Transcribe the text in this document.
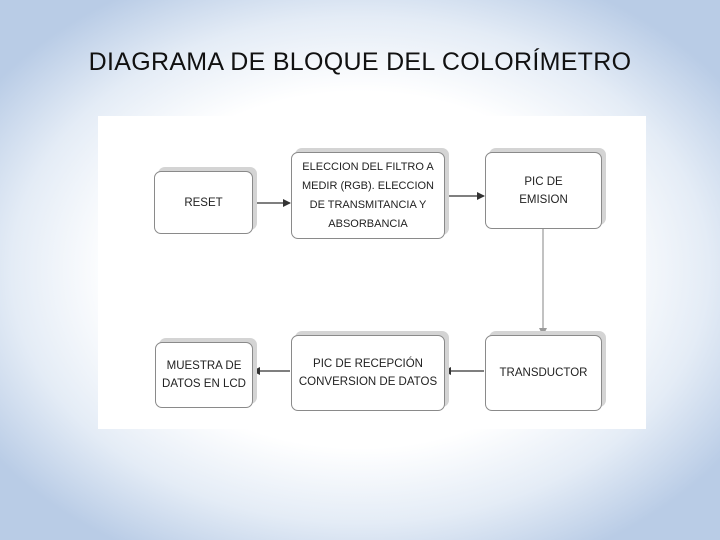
DIAGRAMA DE BLOQUE DEL COLORÍMETRO
RESET
ELECCION DEL FILTRO A MEDIR (RGB). ELECCION DE TRANSMITANCIA Y ABSORBANCIA
PIC DE EMISION
MUESTRA DE DATOS EN LCD
PIC DE RECEPCIÓN CONVERSION DE DATOS
TRANSDUCTOR
